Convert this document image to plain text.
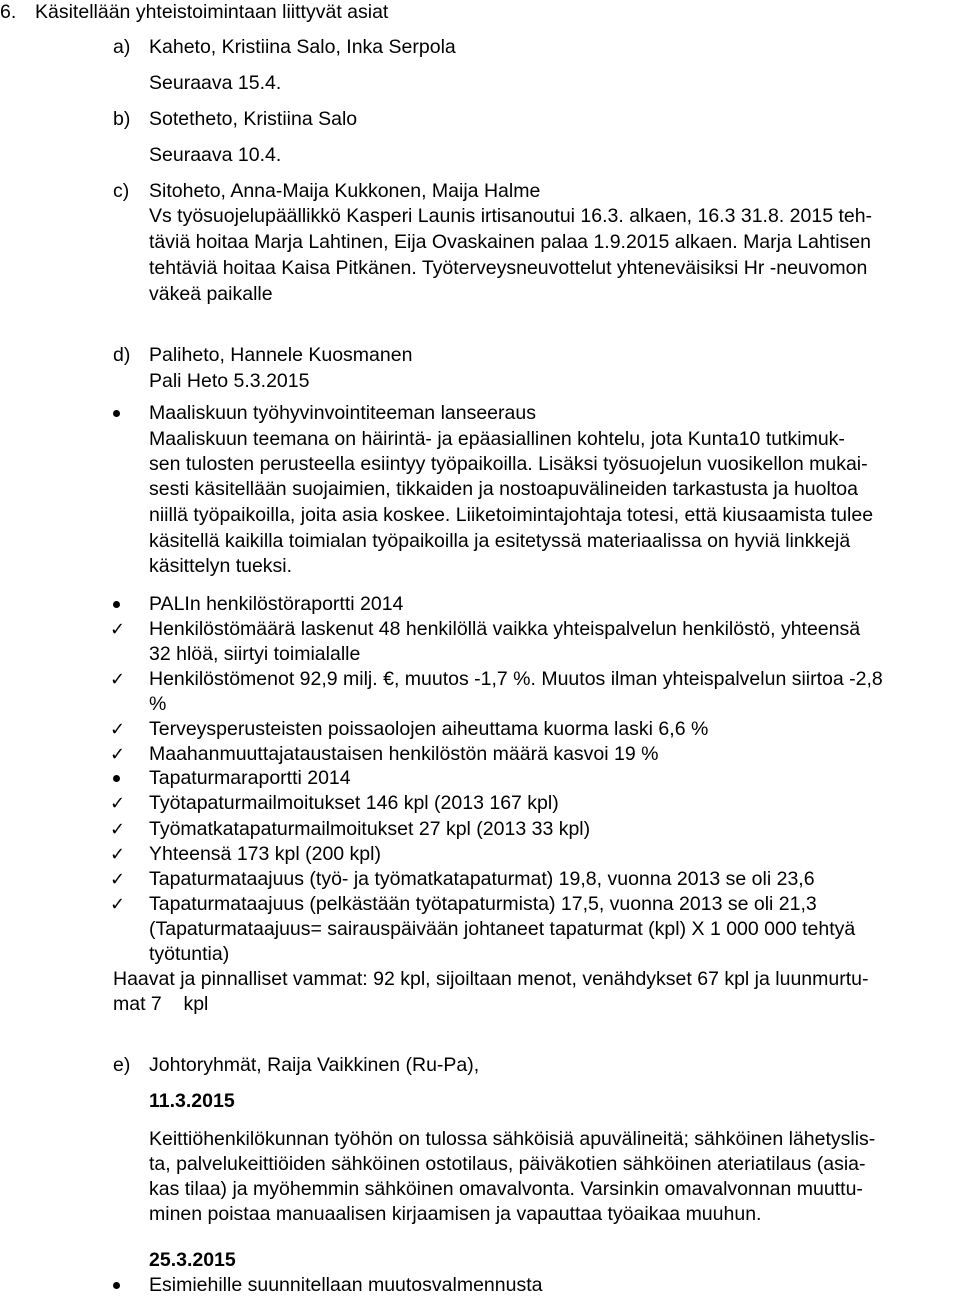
6. Käsitellään yhteistoimintaan liittyvät asiat
a) Kaheto, Kristiina Salo, Inka Serpola
Seuraava 15.4.
b) Sotetheto, Kristiina Salo
Seuraava 10.4.
c) Sitoheto, Anna-Maija Kukkonen, Maija Halme
Vs työsuojelupäällikkö Kasperi Launis irtisanoutui 16.3. alkaen, 16.3 31.8. 2015 teh-
täviä hoitaa Marja Lahtinen, Eija Ovaskainen palaa 1.9.2015 alkaen. Marja Lahtisen
tehtäviä hoitaa Kaisa Pitkänen. Työterveysneuvottelut yhteneväisiksi Hr -neuvomon
väkeä paikalle
d) Paliheto, Hannele Kuosmanen
Pali Heto 5.3.2015
Maaliskuun työhyvinvointiteeman lanseeraus
Maaliskuun teemana on häirintä- ja epäasiallinen kohtelu, jota Kunta10 tutkimuk-
sen tulosten perusteella esiintyy työpaikoilla. Lisäksi työsuojelun vuosikellon mukai-
sesti käsitellään suojaimien, tikkaiden ja nostoapuvälineiden tarkastusta ja huoltoa
niillä työpaikoilla, joita asia koskee. Liiketoimintajohtaja totesi, että kiusaamista tulee
käsitellä kaikilla toimialan työpaikoilla ja esitetyssä materiaalissa on hyviä linkkejä
käsittelyn tueksi.
PALIn henkilöstöraportti 2014
✓ Henkilöstömäärä laskenut 48 henkilöllä vaikka yhteispalvelun henkilöstö, yhteensä
32 hlöä, siirtyi toimialalle
✓ Henkilöstömenot 92,9 milj. €, muutos -1,7 %. Muutos ilman yhteispalvelun siirtoa -2,8
%
✓ Terveysperusteisten poissaolojen aiheuttama kuorma laski 6,6 %
✓ Maahanmuuttajataustaisen henkilöstön määrä kasvoi 19 %
Tapaturmaraportti 2014
✓ Työtapaturmailmoitukset 146 kpl (2013 167 kpl)
✓ Työmatkatapaturmailmoitukset 27 kpl (2013 33 kpl)
✓ Yhteensä 173 kpl (200 kpl)
✓ Tapaturmataajuus (työ- ja työmatkatapaturmat) 19,8, vuonna 2013 se oli 23,6
✓ Tapaturmataajuus (pelkästään työtapaturmista) 17,5, vuonna 2013 se oli 21,3
(Tapaturmataajuus= sairauspäivään johtaneet tapaturmat (kpl) X 1 000 000 tehtyä
työtuntia)
Haavat ja pinnalliset vammat: 92 kpl, sijoiltaan menot, venähdykset 67 kpl ja luunmurtu-
mat 7    kpl
e) Johtoryhmät, Raija Vaikkinen (Ru-Pa),
11.3.2015
Keittiöhenkilökunnan työhön on tulossa sähköisiä apuvälineitä; sähköinen lähetyslis-
ta, palvelukeittiöiden sähköinen ostotilaus, päiväkotien sähköinen ateriatilaus (asia-
kas tilaa) ja myöhemmin sähköinen omavalvonta. Varsinkin omavalvonnan muuttu-
minen poistaa manuaalisen kirjaamisen ja vapauttaa työaikaa muuhun.
25.3.2015
Esimiehille suunnitellaan muutosvalmennusta
